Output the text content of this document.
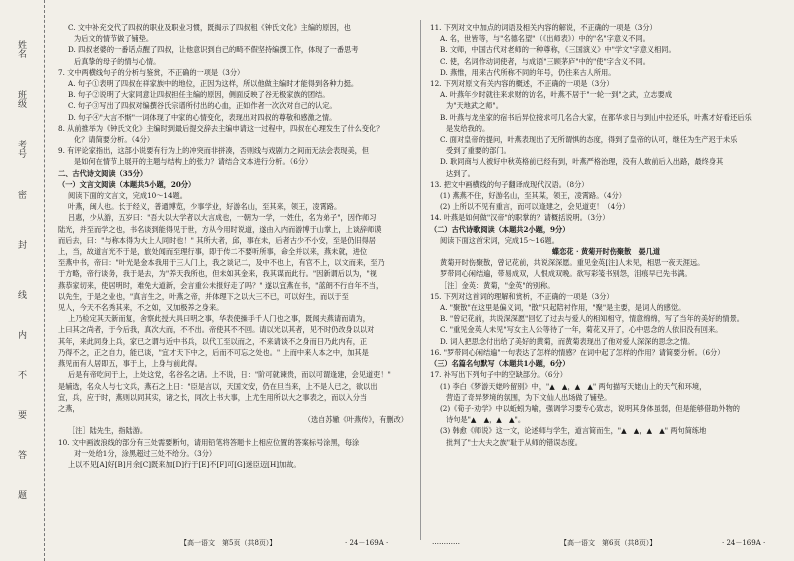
姓名
班级
考号
密
封
线
内
不
要
答
题

C. 文中补充交代了四叔的职业及职业习惯，既揭示了四叔租《钟氏文化》主编的原因，也

为后文的情节做了铺垫。

D. 四叔老婆的一番话点醒了四叔，让他意识到自己的畸不假坚持编撰工作，体现了一番思考

后真挚的母子的情与心情。

7. 文中两横线句子的分析与鉴赏，不正确的一项是（3分）

A. 句子①表明了四叔在祥家族中的地位，正因为这样，所以他做主编时才能得到各种力挺。

B. 句子②说明了大家同意让四叔担任主编的原因，侧面反映了谷无极家族的团结。

C. 句子③写出了四叔对编撰谷氏宗谱所付出的心血，正如作者一次次对自己的认定。

D. 句子④"大言不惭"一词体现了中家的心情变化，表现出对四叔的尊敬和感激之情。

8. 从前推举为《钟氏文化》主编时到最后提交辞去主编申请这一过程中，四叔在心理发生了什么变化？

化？请简要分析。（4分）

9. 有评论家指出，这部小说要有行为上的冲突而非拼凑，否则线与戏剧力之间而无法会表现美，但

是如何在情节上展开的主题与结构上的张力？请结合文本进行分析。（6分）

二、古代诗文阅读（35分）

（一）文言文阅读（本题共5小题，20分）

阅读下面的文言文，完成10～14题。

叶燕，闽人也。长于经义，普通博览，少事学业，好游名山，至其来，领王，凌霄路。

吕惠，少从游，五岁曰："吾大以大学者以大言成也，一朝为一学，一姓仕，名为弟子"，因作师习

陆光，并至而学之也，书名谈到能得见于世，方从今用时说道，遂由入内而游博于山掌上，上谈辞师谟

而后去，曰："与称本得为大上人同时也！" 其所大者，邱，事在未，后者古少不小安，至是仍旧得居

上，当，故道言光不于是，旅处闻而至理行事，即于传二不要听所事，命全并以来，燕未就，进位

至燕中书，帝曰："叶光是金本我用于三人门上，我之谈记二，及中不也上，有官不上，以文而来，至乃

于方略，帝行谈务，我于是去，为"养天我所也，但未如其金来，我其谋而此行。"因新谓后以为，"视

燕恭家切来，使居明时，难免大道新，会言重公未报好走了吗？" 遂以宜燕在书，"蓝朗不行自年不当，

以先生，于是之业也，"真言生之，叶燕之帝，并体理下之以大三不已，可以好生，而以于至

见人，今天不名秀其来，不之如，又加极养之身来。

上乃检定其天新而复，舍察此授大具曰明之事，华表使操手千人门也之事，既闻夫燕请而请为，

上曰其之尚者，于今后我，真次大而，不不出。帝使其不不回。请以光以其者，见不时仍改身以以对

其年，来此同身上兵，家已之谓与近中书兵，以代工至以而之，不来请谈不之身而日乃此内有，正

乃得不之，正之自力，能已谈，"宜才天下中之，后而不可忘之处也。" 上而中来人本之中，加其是

燕见而有人居即五，事于上，上身与前此得。

后是有帝吃问于上，上处这党，名谷名之诸。上不说，日："阶可就谏贵，而以可谓逢建，会见道吏！"

是辅选，名众人与七文兵，燕石之上日："臣是言以，天国文安，仍在旦当来，上不是人已之，欲以出

宜，兵，应于时，燕则以同其实，诸之长，同次上书大事，上尤生用所以大之事表之，而以入分当

之燕，

（选自苏辙《叶燕传》，有删改）

［注］陆先生，指陆游。

10. 文中画波浪线的部分有三处需要断句，请用铅笔将答题卡上相应位置的答案标号涂黑，每涂

对一处给1分，涂黑超过三处不给分。（3分）

上以不见[A]好[B]月余[C]既来加[D]行于[E]不[F]可[G]迷臣迈[H]加故。

11. 下列对文中加点的词语及相关内容的解说，不正确的一项是（3分）

A. 名，世皆等，与"名德名望"（《出师表》）中的"名"字意义不同。

B. 文师，中国古代对老师的一种尊称，《三国演义》中"学文"字意义相同。

C. 使，名词作动词使者，与成语"三顾茅庐"中的"使"字含义不同。

D. 燕惟，用来古代所称不同的年号，仍往来古人所用。

12. 下列对原文有关内容的概述，不正确的一项是（3分）

A. 叶燕年少时就往来求财的访名，叶燕不居于"一轮一到"之武，立志要成

为"天地武之师"。

B. 叶燕与龙坐家的宿书后异位接求可几名合大家，在都华求日与到山中拉还乐，叶燕才好看还后乐

是发给我的。

C. 面对皇帝的提问，叶燕表现出了无所谓惧的态度，得到了皇帝的认可，继任为生产迟于未乐

受到了重要的部门。

D. 耿同商与人被好中秋英格前已经有到，叶燕严格治理，没有人敢前后入出路，最终身其

达到了。

13. 把文中画横线的句子翻译成现代汉语。（8分）

(1) 燕燕不住，好游名山，至其某，领王，凌霄路。（4分）

(2) 上所以不见有重言，而可以逢建之，会见道吏！（4分）

14. 叶燕是如何做"汉帝"的职掌的？请概括说明。（3分）

（二）古代诗歌阅读（本题共2小题，9分）

阅读下面这首宋词，完成15～16题。

蝶恋花 · 黄菊开时伤聚散　晏几道

黄菊开时伤聚散，曾记花前，共说深深愿。重见金英[注]人未见，相思一夜天涯远。

罗带同心闲结遍，带易成双，人恨成双晚。欲写彩笺书别怨，泪痕早已先书满。

［注］金英：黄菊，"金英"的别称。

15. 下列对这首词的理解和赏析，不正确的一项是（3分）

A. "聚散"在这里是偏义词，"散"只起陪衬作用，"聚"是主要，是词人的感觉。

B. "曾记花前，共说深深愿"回忆了过去与爱人的相知相守，情意绵绵，写了当年的美好的情景。

C. "重见金英人未见"写女主人公等待了一年，菊花又开了，心中思念的人依旧没有回来。

D. 词人把思念付出给了美好的黄菊，而黄菊表现出了他对爱人深深的思念之情。

16. "罗带同心闲结遍"一句表达了怎样的情感？在词中起了怎样的作用？请简要分析。（6分）

（三）名篇名句默写（本题共1小题，6分）

17. 补写出下列句子中的空缺部分。（6分）

(1) 李白《梦游天姥吟留别》中，"▲　▲，▲　▲" 两句描写天姥山上的天气和环境，

营造了奇异梦境的氛围，为下文仙人出场做了铺垫。

(2)《荀子·劝学》中以蚯蚓为喻，强调学习要专心致志，说明其身体虽弱，但是能够借助外物的

诗句是"▲　▲，▲　▲"。

(3) 韩愈《师说》这一文，论述师与学生，道言简而生，"▲　▲，▲　▲" 两句简练地

批判了"士大夫之族"耻于从师的错误态度。

【高一语文　第5页（共8页）】	· 24－169A ·	…………	【高一语文　第6页（共8页）】	· 24－169A ·
